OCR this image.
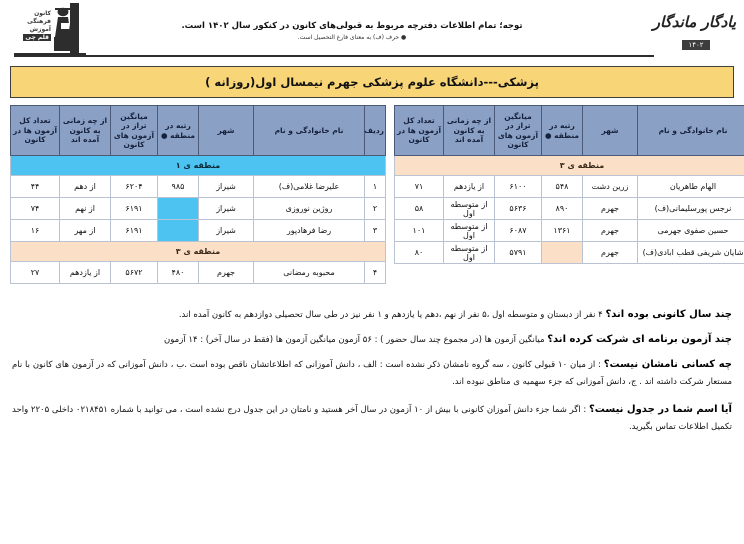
کانون
فرهنگی
آموزش
قلم چی
توجه؛ تمام اطلاعات دفترچه مربوط به قبولی‌های کانون در کنکور سال ۱۴۰۲ است.
● حرف (ف) به معنای فارغ التحصیل است.
یادگار ماندگار
۱۴۰۲
پزشکی---دانشگاه علوم پزشکی جهرم نیمسال اول(روزانه )
ردیف	نام خانوادگی و نام	شهر	رتبه در منطقه ●	میانگین تراز در آزمون های کانون	از چه زمانی به کانون آمده اند	تعداد کل آزمون ها در کانون
منطقه ی ۱						
۱	علیرضا غلامی(ف)	شیراز	۹۸۵	۶۲۰۴	از دهم	۴۴
۲	روژین نوروزی	شیراز		۶۱۹۱	از نهم	۷۴
۳	رضا فرهادپور	شیراز		۶۱۹۱	از مهر	۱۶
منطقه ی ۳						
۴	محبوبه رمضانی	جهرم	۴۸۰	۵۶۷۲	از یازدهم	۲۷
	نام خانوادگی و نام	شهر	رتبه در منطقه ●	میانگین تراز در آزمون های کانون	از چه زمانی به کانون آمده اند	تعداد کل آزمون ها در کانون
منطقه ی ۳						
	الهام طاهریان	زرین دشت	۵۴۸	۶۱۰۰	از یازدهم	۷۱
	نرجس پورسلیمانی(ف)	جهرم	۸۹۰	۵۶۳۶	از متوسطه اول	۵۸
	حسین صفوی جهرمی	جهرم	۱۳۶۱	۶۰۸۷	از متوسطه اول	۱۰۱
	شایان شریفی قطب ابادی(ف)	جهرم		۵۷۹۱	از متوسطه اول	۸۰
چند سال کانونی بوده اند؟ ۴ نفر از دبستان و متوسطه اول ،۵ نفر از نهم ،دهم یا یازدهم و ۱ نفر نیز در طی سال تحصیلی دوازدهم به کانون آمده اند.
چند آزمون برنامه ای شرکت کرده اند؟ میانگین آزمون ها (در مجموع چند سال حضور ) : ۵۶ آزمون میانگین آزمون ها (فقط در سال آخر) : ۱۴ آزمون
چه کسانی نامشان نیست؟ : از میان ۱۰ قبولی کانون ، سه گروه نامشان ذکر نشده است : الف ، دانش آموزانی که اطلاعاتشان ناقص بوده است .ب ، دانش آموزانی که در آزمون های کانون با نام مستعار شرکت داشته اند . ج، دانش آموزانی که جزء سهمیه ی مناطق نبوده اند.
آیا اسم شما در جدول نیست؟ : اگر شما جزء دانش آموزان کانونی با بیش از ۱۰ آزمون در سال آخر هستید و نامتان در این جدول درج نشده است ، می توانید با شماره ۰۲۱۸۴۵۱ داخلی ۲۲۰۵ واحد تکمیل اطلاعات تماس بگیرید.
